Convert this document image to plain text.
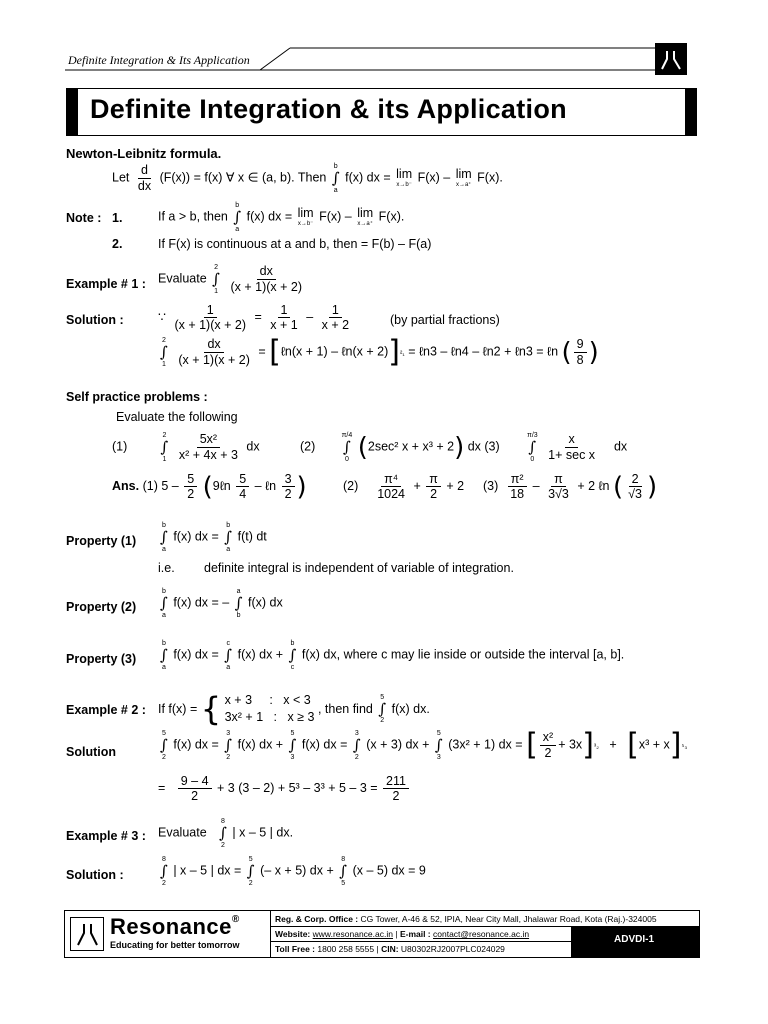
Definite Integration & Its Application
Definite Integration & its Application
Newton-Leibnitz formula.
Let $\frac{d}{dx} (F(x)) = f(x)$ ∀ x ∈ (a, b). Then
b
∫
a
f(x) dx = lim
x→b⁻
F(x) – lim
x→a⁺
F(x).
Note : 1.	If a > b, then
b
∫
a
f(x) dx = lim
x→b⁻
F(x) – lim
x→a⁺
F(x).
2.	If F(x) is continuous at a and b, then = F(b) – F(a)
Example # 1 : Evaluate
2
∫
1
$\frac{dx}{(x + 1)(x + 2)}$
Solution :	∵ $\frac{1}{(x + 1)(x + 2)} = \frac{1}{x + 1} - \frac{1}{x + 2}$	(by partial fractions)
2
∫
1
$\frac{dx}{(x + 1)(x + 2)}$ = [ℓn(x + 1) – ℓn(x + 2)]²₁ = ℓn3 – ℓn4 – ℓn2 + ℓn3 = ℓn ( $\frac{9}{8}$ )
Self practice problems :
Evaluate the following
(1)
2
∫
1
$\frac{\text{5x²}}{\text{x² + 4x + 3}}$ dx	(2)
π/4
∫
0 (2sec² x + x³ + 2) dx (3)
π/3
∫
0
$\frac{x}{\text{1+ sec x}}$ dx
Ans. (1) $5 - \frac{5}{2}$ (9ℓn $\frac{5}{4}$ – ℓn $\frac{3}{2}$ )	$(2) \frac{\text{π⁴}}{1024} + \frac{\pi}{2} + 2$ $(3) \frac{\text{π²}}{18} - \frac{\pi}{3√3} + 2$ ℓn ( $\frac{2}{√3}$ )
Property (1)
b
∫
a
f(x) dx =
b
∫
a
f(t) dt
i.e. definite integral is independent of variable of integration.
Property (2)
b
∫
a
f(x) dx = –
a
∫
b
f(x) dx
Property (3)
b
∫
a
f(x) dx =
c
∫
a
f(x) dx +
b
∫
c
f(x) dx, where c may lie inside or outside the interval [a, b].
Example # 2 : If f(x) = { x + 3     :   x < 3
3x² + 1   :   x ≥ 3
, then find
5
∫
2
f(x) dx.
Solution
5
∫
2
f(x) dx =
3
∫
2
f(x) dx +
5
∫
3
f(x) dx =
3
∫
2
(x + 3) dx +
5
∫
3
(3x² + 1) dx = [ $\frac{\text{x²}}{2} + 3x]^3_2 + [x^3 + x]^5_3$
= $\frac{9 - 4}{2} + 3$ $(3 - 2) + 5^3 - 3^3 + 5 - 3 = \frac{211}{2}$
Example # 3 : Evaluate
8
∫
2
| x – 5 | dx.
Solution :
8
∫
2
| x – 5 | dx =
5
∫
2
(– x + 5) dx +
8
∫
5
(x – 5) dx = 9
Resonance®
Educating for better tomorrow	ADVDI-1
Reg. & Corp. Office : CG Tower, A-46 & 52, IPIA, Near City Mall, Jhalawar Road, Kota (Raj.)-324005
Website: www.resonance.ac.in | E-mail : contact@resonance.ac.in
Toll Free : 1800 258 5555 | CIN: U80302RJ2007PLC024029
